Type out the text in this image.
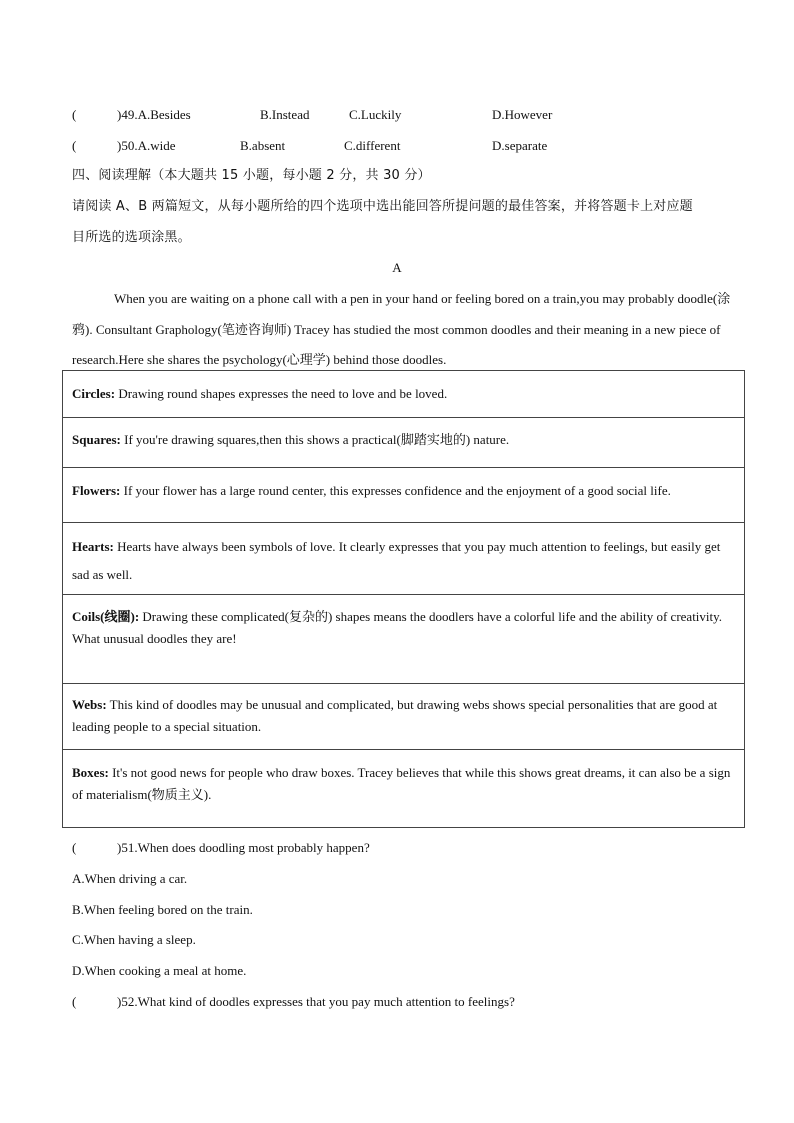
(	)49.A.Besides	B.Instead	C.Luckily	D.However
(	)50.A.wide	B.absent	C.different	D.separate
四、阅读理解（本大题共 15 小题，每小题 2 分，共 30 分）
请阅读 A、B 两篇短文，从每小题所给的四个选项中选出能回答所提问题的最佳答案，并将答题卡上对应题
目所选的选项涂黑。
A
When you are waiting on a phone call with a pen in your hand or feeling bored on a train,you may probably doodle(涂鸦). Consultant Graphology(笔迹咨询师) Tracey has studied the most common doodles and their meaning in a new piece of research.Here she shares the psychology(心理学) behind those doodles.
Circles: Drawing round shapes expresses the need to love and be loved.
Squares: If you're drawing squares,then this shows a practical(脚踏实地的) nature.
Flowers: If your flower has a large round center, this expresses confidence and the enjoyment of a good social life.
Hearts: Hearts have always been symbols of love. It clearly expresses that you pay much attention to feelings, but easily get sad as well.
Coils(线圈): Drawing these complicated(复杂的) shapes means the doodlers have a colorful life and the ability of creativity. What unusual doodles they are!
Webs: This kind of doodles may be unusual and complicated, but drawing webs shows special personalities that are good at leading people to a special situation.
Boxes: It's not good news for people who draw boxes. Tracey believes that while this shows great dreams, it can also be a sign of materialism(物质主义).
(	)51.When does doodling most probably happen?
A.When driving a car.
B.When feeling bored on the train.
C.When having a sleep.
D.When cooking a meal at home.
(	)52.What kind of doodles expresses that you pay much attention to feelings?
